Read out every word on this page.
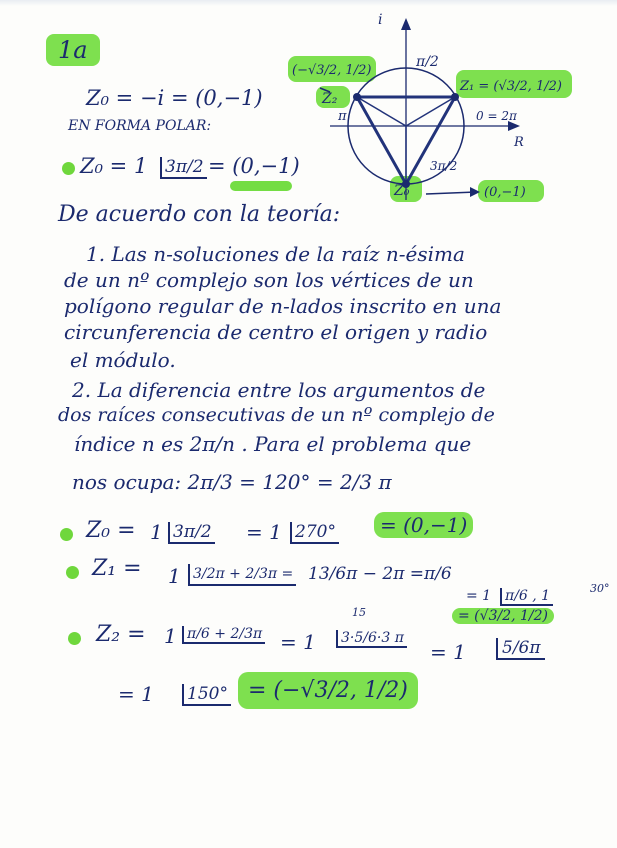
1a
Z₀ = −i = (0,−1)
EN FORMA POLAR:
Z₀ = 1 3π/2 = (0,−1)
De acuerdo con la teoría:
1. Las n-soluciones de la raíz n-ésima
de un nº complejo son los vértices de un
polígono regular de n-lados inscrito en una
circunferencia de centro el origen y radio
el módulo.
2. La diferencia entre los argumentos de
dos raíces consecutivas de un nº complejo de
índice n es 2π/n . Para el problema que
nos ocupa: 2π/3 = 120° = 2/3 π
Z₀ = 1 3π/2 = 1 270°	= (0,−1)
Z₁ = 1 3/2π + 2/3π = 13/6π − 2π = π/6
= 1 π/6 , 1	30°
= (√3/2, 1/2)
Z₂ = 1 π/6 + 2/3π = 1
15
3·5/6·3 π
= 1	5/6π
= 1 150° = (−√3/2, 1/2)
i
π/2
π	0 = 2π
R
3π/2
(−√3/2, 1/2)
Z₂
Z₁ = (√3/2, 1/2)
Z₀	(0,−1)
